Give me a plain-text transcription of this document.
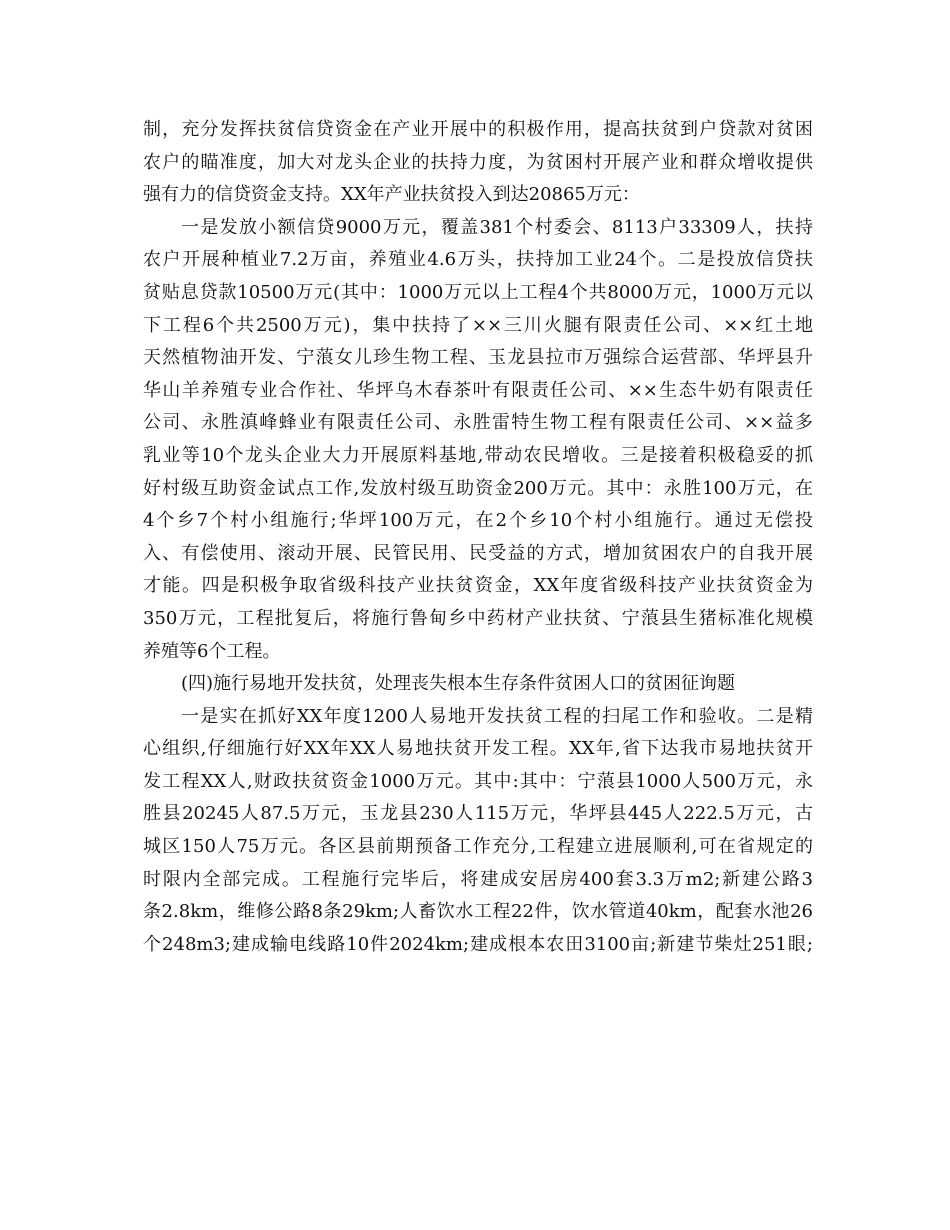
制，充分发挥扶贫信贷资金在产业开展中的积极作用，提高扶贫到户贷款对贫困
农户的瞄准度，加大对龙头企业的扶持力度，为贫困村开展产业和群众增收提供
强有力的信贷资金支持。XX年产业扶贫投入到达20865万元：
一是发放小额信贷9000万元，覆盖381个村委会、8113户33309人，扶持
农户开展种植业7.2万亩，养殖业4.6万头，扶持加工业24个。二是投放信贷扶
贫贴息贷款10500万元(其中：1000万元以上工程4个共8000万元，1000万元以
下工程6个共2500万元)，集中扶持了××三川火腿有限责任公司、××红土地
天然植物油开发、宁蒗女儿珍生物工程、玉龙县拉市万强综合运营部、华坪县升
华山羊养殖专业合作社、华坪乌木春茶叶有限责任公司、××生态牛奶有限责任
公司、永胜滇峰蜂业有限责任公司、永胜雷特生物工程有限责任公司、××益多
乳业等10个龙头企业大力开展原料基地,带动农民增收。三是接着积极稳妥的抓
好村级互助资金试点工作,发放村级互助资金200万元。其中：永胜100万元，在
4个乡7个村小组施行;华坪100万元，在2个乡10个村小组施行。通过无偿投
入、有偿使用、滚动开展、民管民用、民受益的方式，增加贫困农户的自我开展
才能。四是积极争取省级科技产业扶贫资金，XX年度省级科技产业扶贫资金为
350万元，工程批复后，将施行鲁甸乡中药材产业扶贫、宁蒗县生猪标准化规模
养殖等6个工程。
(四)施行易地开发扶贫，处理丧失根本生存条件贫困人口的贫困征询题
一是实在抓好XX年度1200人易地开发扶贫工程的扫尾工作和验收。二是精
心组织,仔细施行好XX年XX人易地扶贫开发工程。XX年,省下达我市易地扶贫开
发工程XX人,财政扶贫资金1000万元。其中:其中：宁蒗县1000人500万元，永
胜县20245人87.5万元，玉龙县230人115万元，华坪县445人222.5万元，古
城区150人75万元。各区县前期预备工作充分,工程建立进展顺利,可在省规定的
时限内全部完成。工程施行完毕后，将建成安居房400套3.3万m2;新建公路3
条2.8km，维修公路8条29km;人畜饮水工程22件，饮水管道40km，配套水池26
个248m3;建成输电线路10件2024km;建成根本农田3100亩;新建节柴灶251眼;
